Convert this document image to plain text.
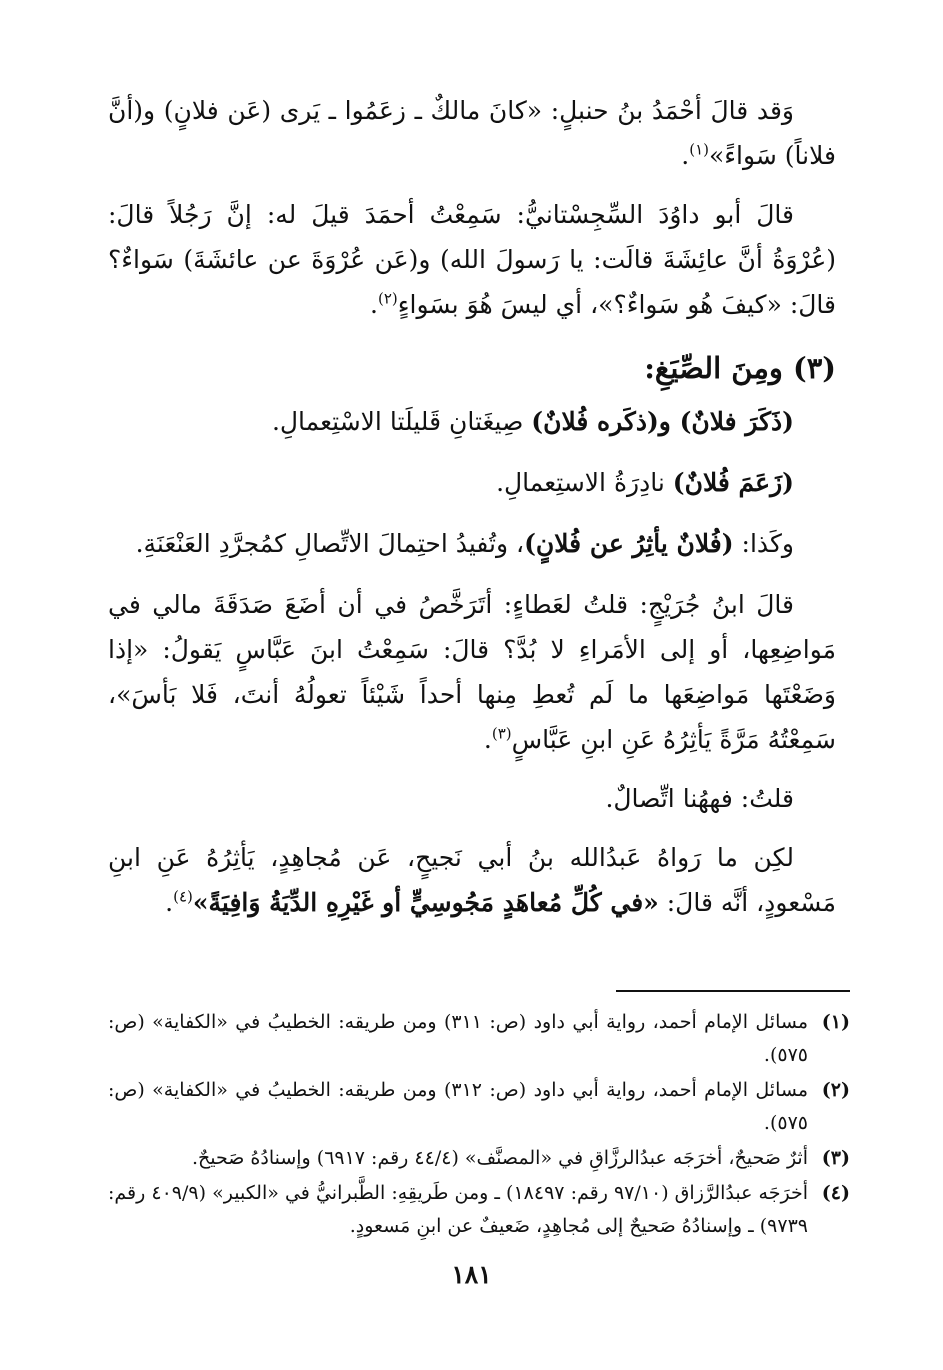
وَقد قالَ أحْمَدُ بنُ حنبلٍ: «كانَ مالكٌ ـ زعَمُوا ـ يَرى (عَن فلانٍ) و(أنَّ فلاناً) سَواءً»$^{(١)}$.

قالَ أبو داوُدَ السِّجِسْتانيُّ: سَمِعْتُ أحمَدَ قيلَ له: إنَّ رَجُلاً قالَ: (عُرْوَةُ أنَّ عائِشَةَ قالَت: يا رَسولَ الله) و(عَن عُرْوَةَ عن عائشَةَ) سَواءٌ؟ قالَ: «كيفَ هُو سَواءٌ؟»، أي ليسَ هُوَ بسَواءٍ$^{(٢)}$.

(٣) ومِنَ الصِّيَغِ:

(ذَكَرَ فلانٌ) و(ذكَره فُلانٌ) صِيغَتانِ قَليلَتا الاسْتِعمالِ.

(زَعَمَ فُلانٌ) نادِرَةُ الاستِعمالِ.

وكَذا: (فُلانٌ يأثِرُ عن فُلانٍ)، وتُفيدُ احتِمالَ الاتِّصالِ كمُجرَّدِ العَنْعَنَةِ.

قالَ ابنُ جُرَيْجٍ: قلتُ لعَطاءٍ: أتَرَخَّصُ في أن أضَعَ صَدَقَةَ مالي في مَواضِعِها، أو إلى الأمَراءِ لا بُدَّ؟ قالَ: سَمِعْتُ ابنَ عَبَّاسٍ يَقولُ: «إذا وَضَعْتَها مَواضِعَها ما لَم تُعطِ مِنها أحداً شَيْئاً تعولُهُ أنتَ، فَلا بَأسَ»، سَمِعْتُهُ مَرَّةً يَأثِرُهُ عَنِ ابنِ عَبَّاسٍ$^{(٣)}$.

قلتُ: فههُنا اتِّصالٌ.

لكِن ما رَواهُ عَبدُالله بنُ أبي نَجيحٍ، عَن مُجاهِدٍ، يَأثِرُهُ عَنِ ابنِ مَسْعودٍ، أنَّه قالَ: «في كُلِّ مُعاهَدٍ مَجُوسِيٍّ أو غَيْرِهِ الدِّيَةُ وَافِيَةً»$^{(٤)}$.

(١)
مسائل الإمام أحمد، رواية أبي داود (ص: ٣١١) ومن طريقه: الخطيبُ في «الكفاية» (ص: ٥٧٥).
(٢)
مسائل الإمام أحمد، رواية أبي داود (ص: ٣١٢) ومن طريقه: الخطيبُ في «الكفاية» (ص: ٥٧٥).
(٣)
أثرٌ صَحيحٌ، أخرَجَه عبدُالرزَّاقِ في «المصنَّف» (٤٤/٤ رقم: ٦٩١٧) وإسنادُهُ صَحيحٌ.
(٤)
أخرَجَه عبدُالرَّزاق (٩٧/١٠ رقم: ١٨٤٩٧) ـ ومن طَريقِهِ: الطَّبرانيُّ في «الكبير» (٤٠٩/٩ رقم: ٩٧٣٩) ـ وإسنادُهُ صَحيحٌ إلى مُجاهِدٍ، ضَعيفٌ عن ابنِ مَسعودٍ.
١٨١
